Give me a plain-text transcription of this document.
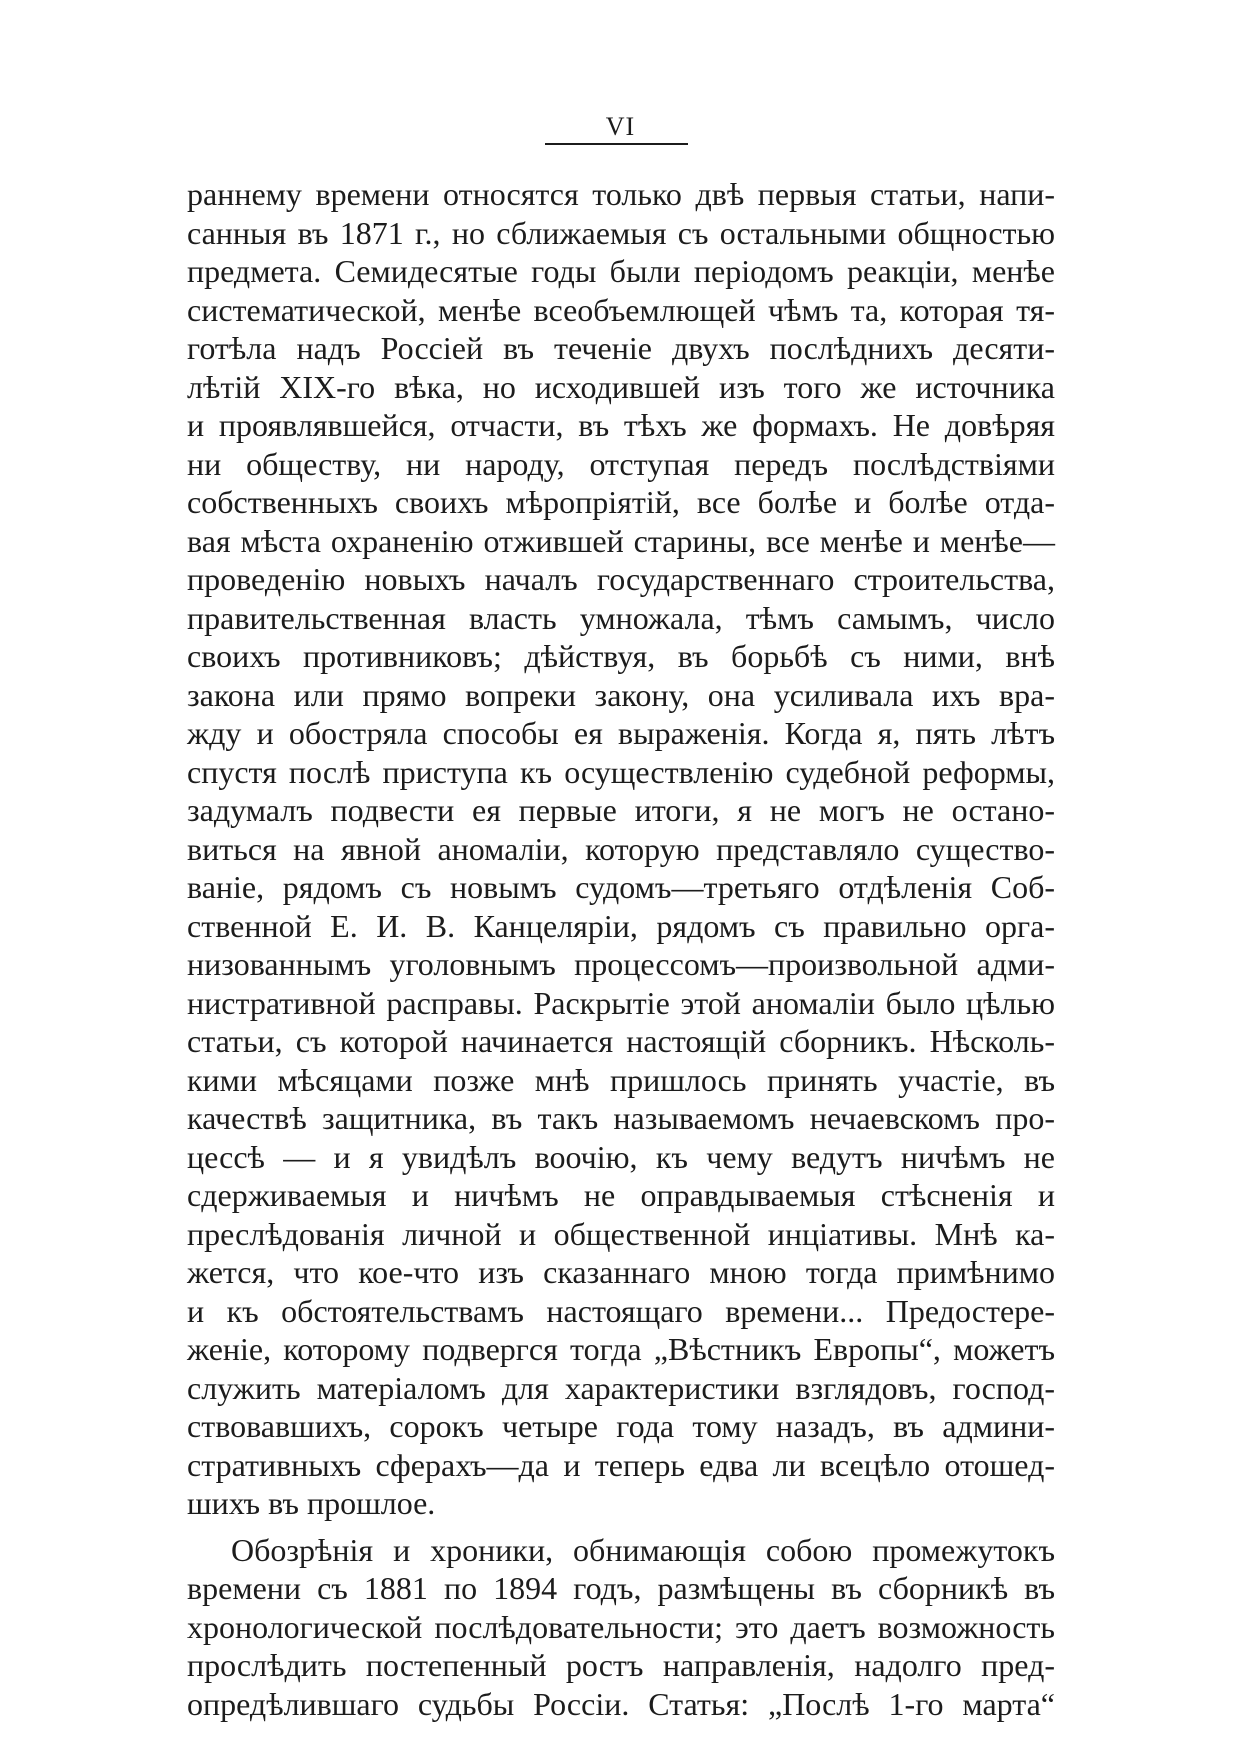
VI
раннему времени относятся только двѣ первыя статьи, напи-
санныя въ 1871 г., но сближаемыя съ остальными общностью
предмета. Семидесятые годы были періодомъ реакціи, менѣе
систематической, менѣе всеобъемлющей чѣмъ та, которая тя-
готѣла надъ Россіей въ теченіе двухъ послѣднихъ десяти-
лѣтій XIX-го вѣка, но исходившей изъ того же источника
и проявлявшейся, отчасти, въ тѣхъ же формахъ. Не довѣряя
ни обществу, ни народу, отступая передъ послѣдствіями
собственныхъ своихъ мѣропріятій, все болѣе и болѣе отда-
вая мѣста охраненію отжившей старины, все менѣе и менѣе—
проведенію новыхъ началъ государственнаго строительства,
правительственная власть умножала, тѣмъ самымъ, число
своихъ противниковъ; дѣйствуя, въ борьбѣ съ ними, внѣ
закона или прямо вопреки закону, она усиливала ихъ вра-
жду и обостряла способы ея выраженія. Когда я, пять лѣтъ
спустя послѣ приступа къ осуществленію судебной реформы,
задумалъ подвести ея первые итоги, я не могъ не остано-
виться на явной аномаліи, которую представляло существо-
ваніе, рядомъ съ новымъ судомъ—третьяго отдѣленія Соб-
ственной Е. И. В. Канцеляріи, рядомъ съ правильно орга-
низованнымъ уголовнымъ процессомъ—произвольной адми-
нистративной расправы. Раскрытіе этой аномаліи было цѣлью
статьи, съ которой начинается настоящій сборникъ. Нѣсколь-
кими мѣсяцами позже мнѣ пришлось принять участіе, въ
качествѣ защитника, въ такъ называемомъ нечаевскомъ про-
цессѣ — и я увидѣлъ воочію, къ чему ведутъ ничѣмъ не
сдерживаемыя и ничѣмъ не оправдываемыя стѣсненія и
преслѣдованія личной и общественной инціативы. Мнѣ ка-
жется, что кое-что изъ сказаннаго мною тогда примѣнимо
и къ обстоятельствамъ настоящаго времени... Предостере-
женіе, которому подвергся тогда „Вѣстникъ Европы“, можетъ
служить матеріаломъ для характеристики взглядовъ, господ-
ствовавшихъ, сорокъ четыре года тому назадъ, въ админи-
стративныхъ сферахъ—да и теперь едва ли всецѣло отошед-
шихъ въ прошлое.
Обозрѣнія и хроники, обнимающія собою промежутокъ
времени съ 1881 по 1894 годъ, размѣщены въ сборникѣ въ
хронологической послѣдовательности; это даетъ возможность
прослѣдить постепенный ростъ направленія, надолго пред-
опредѣлившаго судьбы Россіи. Статья: „Послѣ 1-го марта“
